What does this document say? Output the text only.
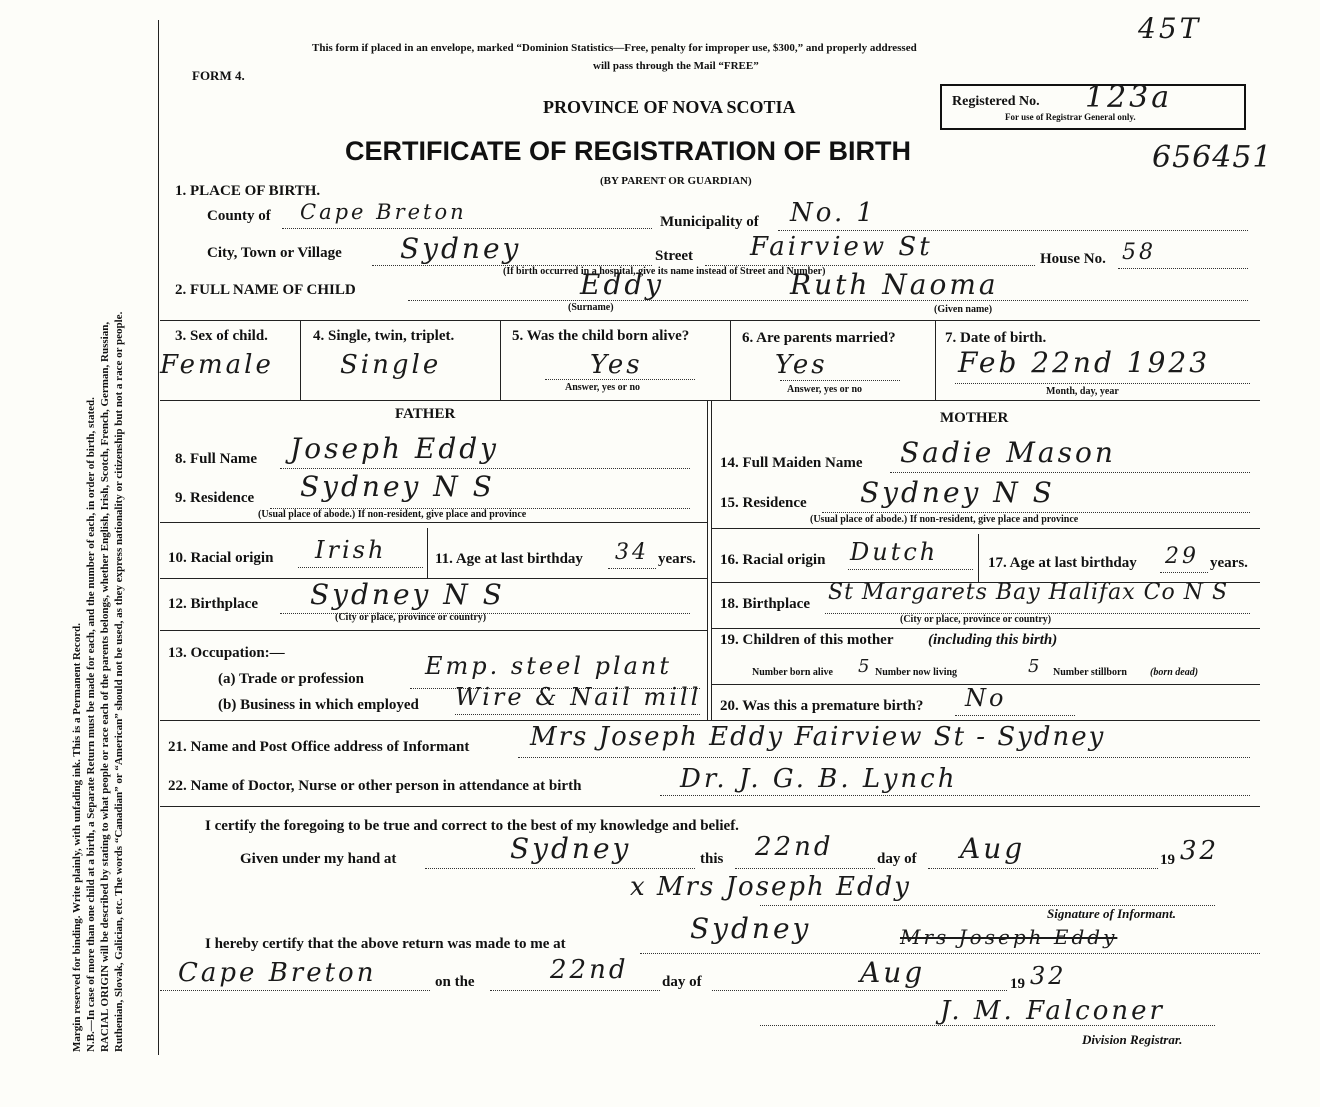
Margin reserved for binding. Write plainly, with unfading ink. This is a Permanent Record. N.B.—In case of more than one child at a birth, a Separate Return must be made for each, and the number of each, in order of birth, stated. RACIAL ORIGIN will be described by stating to what people or race each of the parents belongs, whether English, Irish, Scotch, French, German, Russian, Ruthenian, Slovak, Galician, etc. The words “Canadian” or “American” should not be used, as they express nationality or citizenship but not a race or people.
This form if placed in an envelope, marked “Dominion Statistics—Free, penalty for improper use, $300,” and properly addressed
will pass through the Mail “FREE”
FORM 4.
45T
PROVINCE OF NOVA SCOTIA	Registered No. 123a
For use of Registrar General only.
CERTIFICATE OF REGISTRATION OF BIRTH	656451
(BY PARENT OR GUARDIAN)
1. PLACE OF BIRTH.
County of Cape Breton	Municipality of No. 1
City, Town or Village Sydney	Street Fairview St	House No. 58
(If birth occurred in a hospital, give its name instead of Street and Number)
2. FULL NAME OF CHILD	Eddy	Ruth Naoma
(Surname)	(Given name)
3. Sex of child.
Female
4. Single, twin, triplet.
Single
5. Was the child born alive?
Yes
Answer, yes or no
6. Are parents married?
Yes
Answer, yes or no
7. Date of birth.
Feb 22nd 1923
Month, day, year
FATHER	MOTHER
8. Full Name Joseph Eddy
9. Residence Sydney N S
(Usual place of abode.) If non-resident, give place and province
10. Racial origin Irish	11. Age at last birthday 34 years.
12. Birthplace Sydney N S
(City or place, province or country)
13. Occupation:—
(a) Trade or profession	Emp. steel plant
(b) Business in which employed Wire & Nail mill
14. Full Maiden Name Sadie Mason
15. Residence Sydney N S
(Usual place of abode.) If non-resident, give place and province
16. Racial origin Dutch	17. Age at last birthday 29 years.
18. Birthplace St Margarets Bay Halifax Co N S
(City or place, province or country)
19. Children of this mother (including this birth)
Number born alive 5 Number now living	5 Number stillborn (born dead)
20. Was this a premature birth? No
21. Name and Post Office address of Informant Mrs Joseph Eddy Fairview St - Sydney
22. Name of Doctor, Nurse or other person in attendance at birth	Dr. J. G. B. Lynch
I certify the foregoing to be true and correct to the best of my knowledge and belief.
Given under my hand at	Sydney	this 22nd	day of Aug	19 32
x Mrs Joseph Eddy
Signature of Informant.
I hereby certify that the above return was made to me at	Sydney	Mrs Joseph Eddy
Cape Breton	on the	22nd day of	Aug	19 32
J. M. Falconer
Division Registrar.
